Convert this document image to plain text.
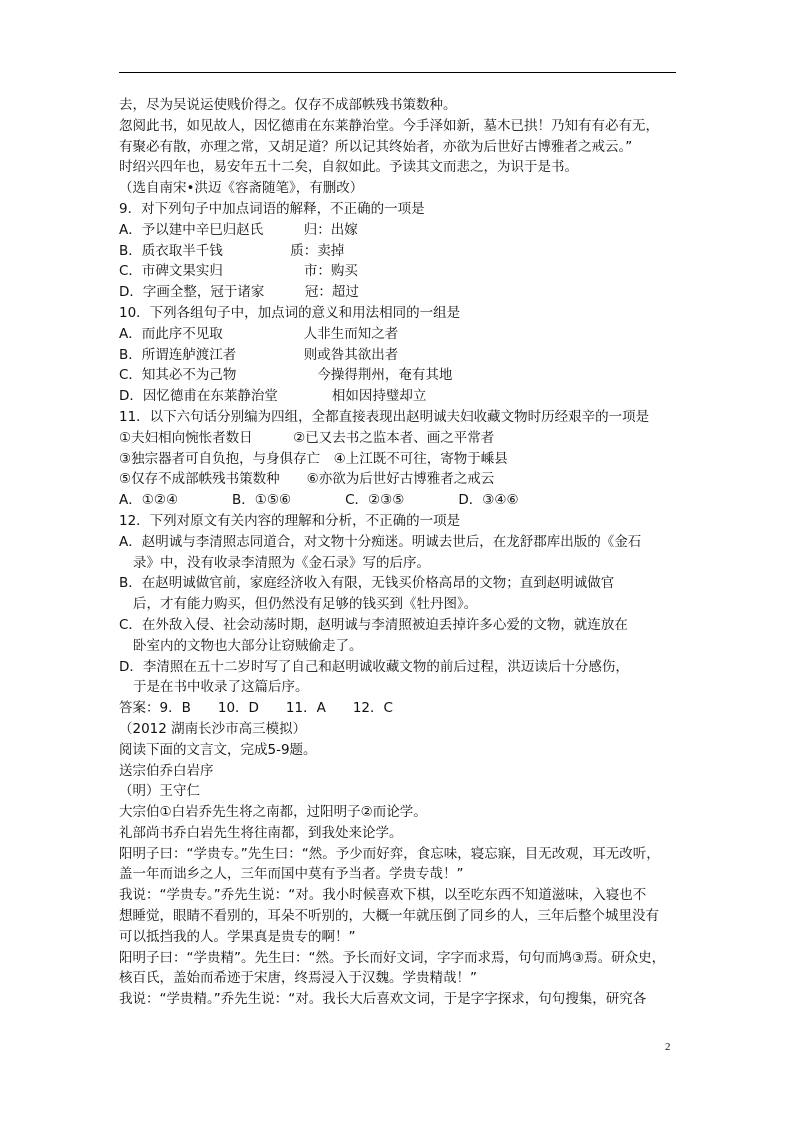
去，尽为吴说运使贱价得之。仅存不成部帙残书策数种。
忽阅此书，如见故人，因忆德甫在东莱静治堂。今手泽如新，墓木已拱！乃知有有必有无，
有聚必有散，亦理之常，又胡足道？所以记其终始者，亦欲为后世好古博雅者之戒云。”
时绍兴四年也，易安年五十二矣，自叙如此。予读其文而悲之，为识于是书。
（选自南宋•洪迈《容斋随笔》，有删改）
9．对下列句子中加点词语的解释，不正确的一项是
A．予以建中辛巳归赵氏　　　归：出嫁
B．质衣取半千钱　　　　　质：卖掉
C．市碑文果实归　　　　　　市：购买
D．字画全整，冠于诸家　　　冠：超过
10．下列各组句子中，加点词的意义和用法相同的一组是
A．而此序不见取　　　　　　人非生而知之者
B．所谓连舻渡江者　　　　　则或咎其欲出者
C．知其必不为己物　　　　　　今操得荆州，奄有其地
D．因忆德甫在东莱静治堂　　　　相如因持璧却立
11．以下六句话分别编为四组，全都直接表现出赵明诚夫妇收藏文物时历经艰辛的一项是
①夫妇相向惋怅者数日　　　②已又去书之监本者、画之平常者
③独宗器者可自负抱，与身俱存亡　④上江既不可往，寄物于嵊县
⑤仅存不成部帙残书策数种　　⑥亦欲为后世好古博雅者之戒云
A．①②④　　　　B．①⑤⑥　　　　C．②③⑤　　　　D．③④⑥
12．下列对原文有关内容的理解和分析，不正确的一项是
A．赵明诚与李清照志同道合，对文物十分痴迷。明诚去世后，在龙舒郡库出版的《金石
录》中，没有收录李清照为《金石录》写的后序。
B．在赵明诚做官前，家庭经济收入有限，无钱买价格高昂的文物；直到赵明诚做官
后，才有能力购买，但仍然没有足够的钱买到《牡丹图》。
C．在外敌入侵、社会动荡时期，赵明诚与李清照被迫丢掉许多心爱的文物，就连放在
卧室内的文物也大部分让窃贼偷走了。
D．李清照在五十二岁时写了自己和赵明诚收藏文物的前后过程，洪迈读后十分感伤，
于是在书中收录了这篇后序。
答案：9．B　　10．D　　11．A　　12．C
（2012 湖南长沙市高三模拟）
阅读下面的文言文，完成5-9题。
送宗伯乔白岩序
（明）王守仁
大宗伯①白岩乔先生将之南都，过阳明子②而论学。
礼部尚书乔白岩先生将往南都，到我处来论学。
阳明子曰：“学贵专。”先生曰：“然。予少而好弈，食忘味，寝忘寐，目无改观，耳无改听，
盖一年而诎乡之人，三年而国中莫有予当者。学贵专哉！”
我说：“学贵专。”乔先生说：“对。我小时候喜欢下棋，以至吃东西不知道滋味，入寝也不
想睡觉，眼睛不看别的，耳朵不听别的，大概一年就压倒了同乡的人，三年后整个城里没有
可以抵挡我的人。学果真是贵专的啊！”
阳明子曰：“学贵精”。先生曰：“然。予长而好文词，字字而求焉，句句而鸠③焉。研众史，
核百氏，盖始而希迹于宋唐，终焉浸入于汉魏。学贵精哉！”
我说：“学贵精。”乔先生说：“对。我长大后喜欢文词，于是字字探求，句句搜集，研究各
2
